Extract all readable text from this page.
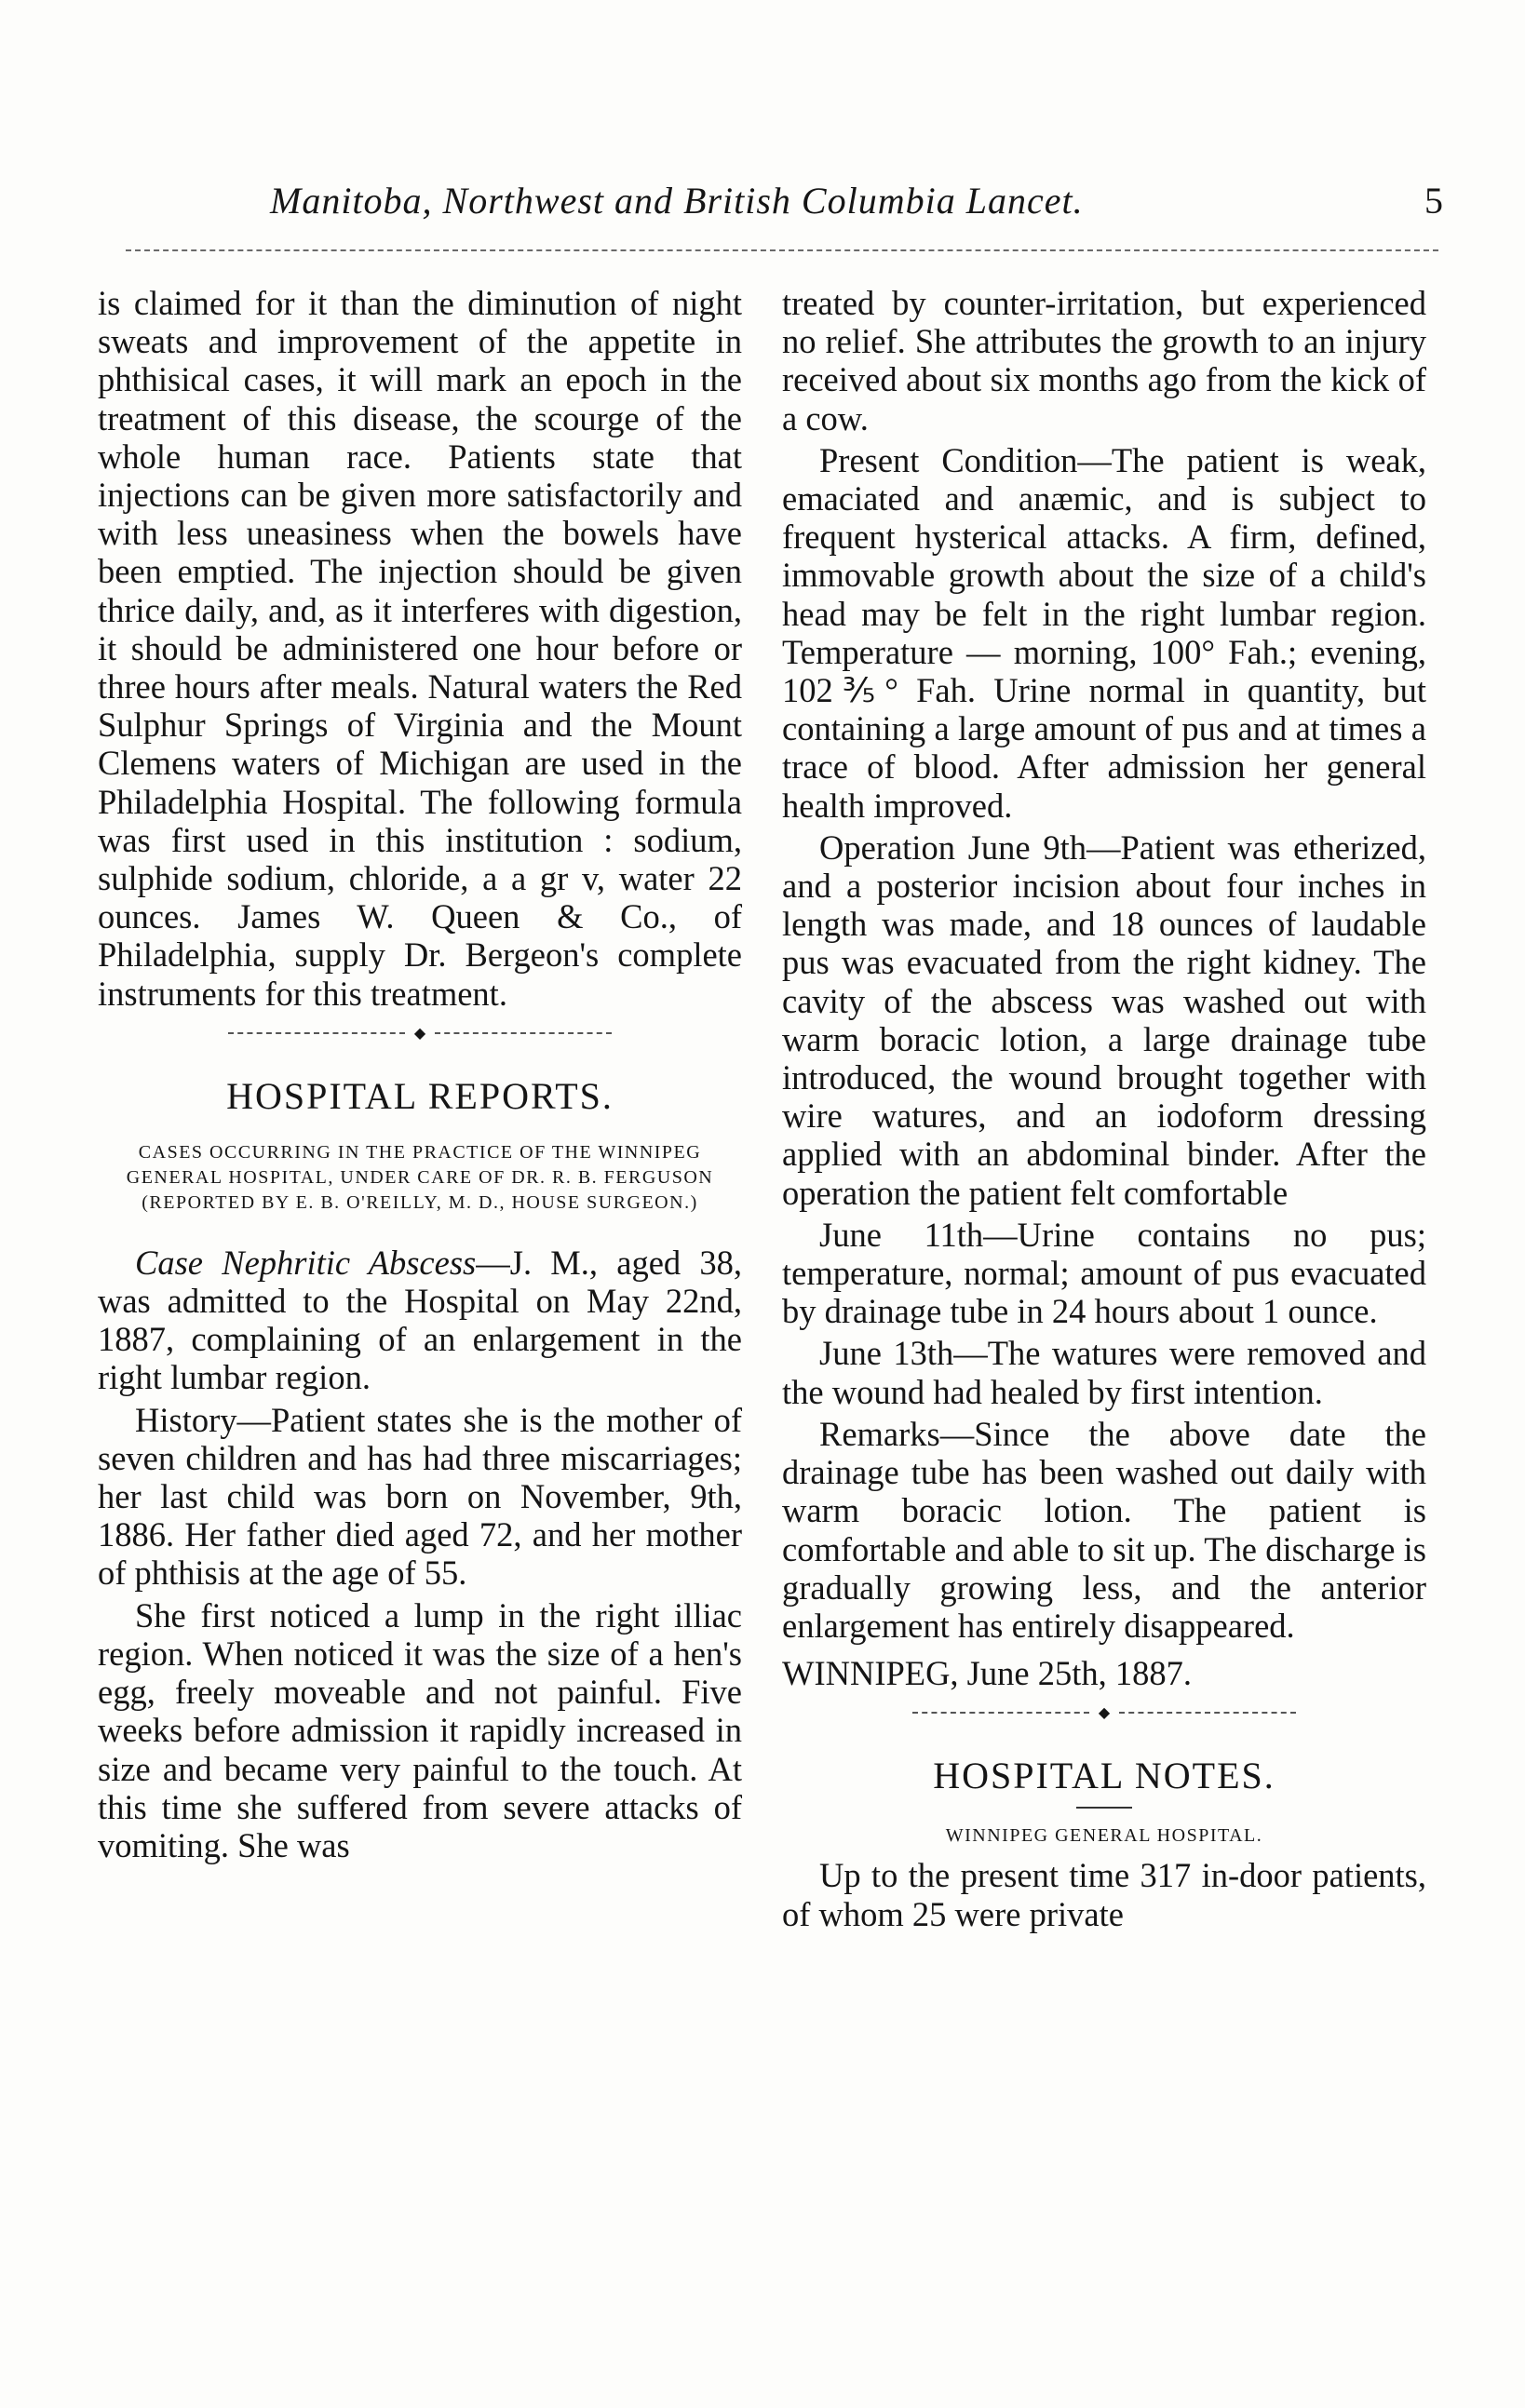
Manitoba, Northwest and British Columbia Lancet.	5

is claimed for it than the diminution of night sweats and improvement of the appetite in phthisical cases, it will mark an epoch in the treatment of this disease, the scourge of the whole human race. Patients state that injections can be given more satisfactorily and with less uneasiness when the bowels have been emptied. The injection should be given thrice daily, and, as it interferes with digestion, it should be administered one hour before or three hours after meals. Natural waters the Red Sulphur Springs of Virginia and the Mount Clemens waters of Michigan are used in the Philadelphia Hospital. The following formula was first used in this institution : sodium, sulphide sodium, chloride, a a gr v, water 22 ounces. James W. Queen & Co., of Philadelphia, supply Dr. Bergeon's complete instruments for this treatment.

◆
HOSPITAL REPORTS.
CASES OCCURRING IN THE PRACTICE OF THE WINNIPEG GENERAL HOSPITAL, UNDER CARE OF DR. R. B. FERGUSON (REPORTED BY E. B. O'REILLY, M. D., HOUSE SURGEON.)

Case Nephritic Abscess—J. M., aged 38, was admitted to the Hospital on May 22nd, 1887, complaining of an enlargement in the right lumbar region.

History—Patient states she is the mother of seven children and has had three miscarriages; her last child was born on November, 9th, 1886. Her father died aged 72, and her mother of phthisis at the age of 55.

She first noticed a lump in the right illiac region. When noticed it was the size of a hen's egg, freely moveable and not painful. Five weeks before admission it rapidly increased in size and became very painful to the touch. At this time she suffered from severe attacks of vomiting. She was

treated by counter-irritation, but experienced no relief. She attributes the growth to an injury received about six months ago from the kick of a cow.

Present Condition—The patient is weak, emaciated and anæmic, and is subject to frequent hysterical attacks. A firm, defined, immovable growth about the size of a child's head may be felt in the right lumbar region. Temperature — morning, 100° Fah.; evening, 102⅗° Fah. Urine normal in quantity, but containing a large amount of pus and at times a trace of blood. After admission her general health improved.

Operation June 9th—Patient was etherized, and a posterior incision about four inches in length was made, and 18 ounces of laudable pus was evacuated from the right kidney. The cavity of the abscess was washed out with warm boracic lotion, a large drainage tube introduced, the wound brought together with wire watures, and an iodoform dressing applied with an abdominal binder. After the operation the patient felt comfortable

June 11th—Urine contains no pus; temperature, normal; amount of pus evacuated by drainage tube in 24 hours about 1 ounce.

June 13th—The watures were removed and the wound had healed by first intention.

Remarks—Since the above date the drainage tube has been washed out daily with warm boracic lotion. The patient is comfortable and able to sit up. The discharge is gradually growing less, and the anterior enlargement has entirely disappeared.

WINNIPEG, June 25th, 1887.
◆
HOSPITAL NOTES.
WINNIPEG GENERAL HOSPITAL.

Up to the present time 317 in-door patients, of whom 25 were private
